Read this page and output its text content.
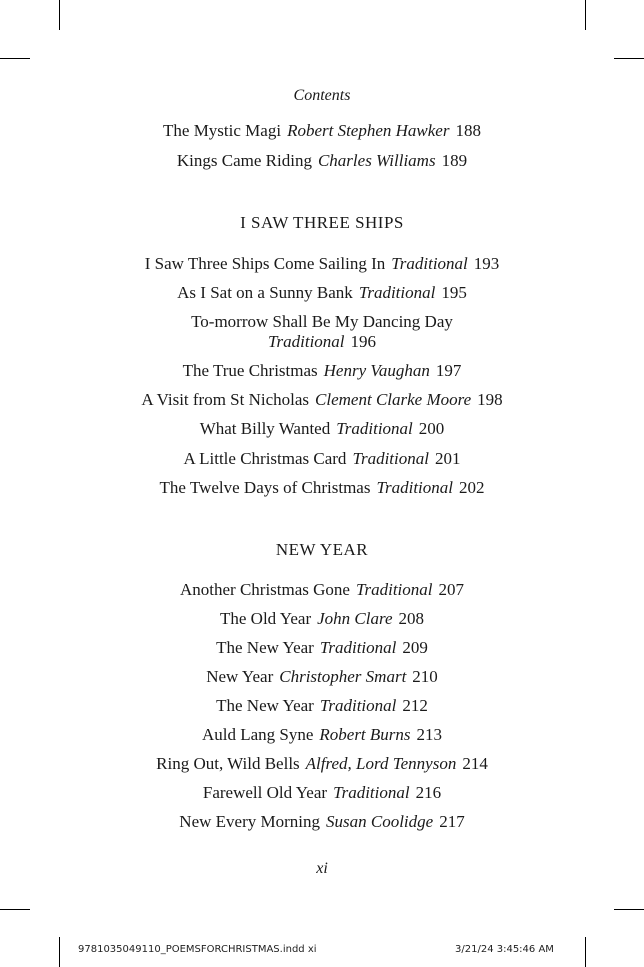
Contents
The Mystic Magi Robert Stephen Hawker 188
Kings Came Riding Charles Williams 189
I SAW THREE SHIPS
I Saw Three Ships Come Sailing In Traditional 193
As I Sat on a Sunny Bank Traditional 195
To-morrow Shall Be My Dancing Day
Traditional 196
The True Christmas Henry Vaughan 197
A Visit from St Nicholas Clement Clarke Moore 198
What Billy Wanted Traditional 200
A Little Christmas Card Traditional 201
The Twelve Days of Christmas Traditional 202
NEW YEAR
Another Christmas Gone Traditional 207
The Old Year John Clare 208
The New Year Traditional 209
New Year Christopher Smart 210
The New Year Traditional 212
Auld Lang Syne Robert Burns 213
Ring Out, Wild Bells Alfred, Lord Tennyson 214
Farewell Old Year Traditional 216
New Every Morning Susan Coolidge 217
xi
9781035049110_POEMSFORCHRISTMAS.indd xi	3/21/24 3:45:46 AM
